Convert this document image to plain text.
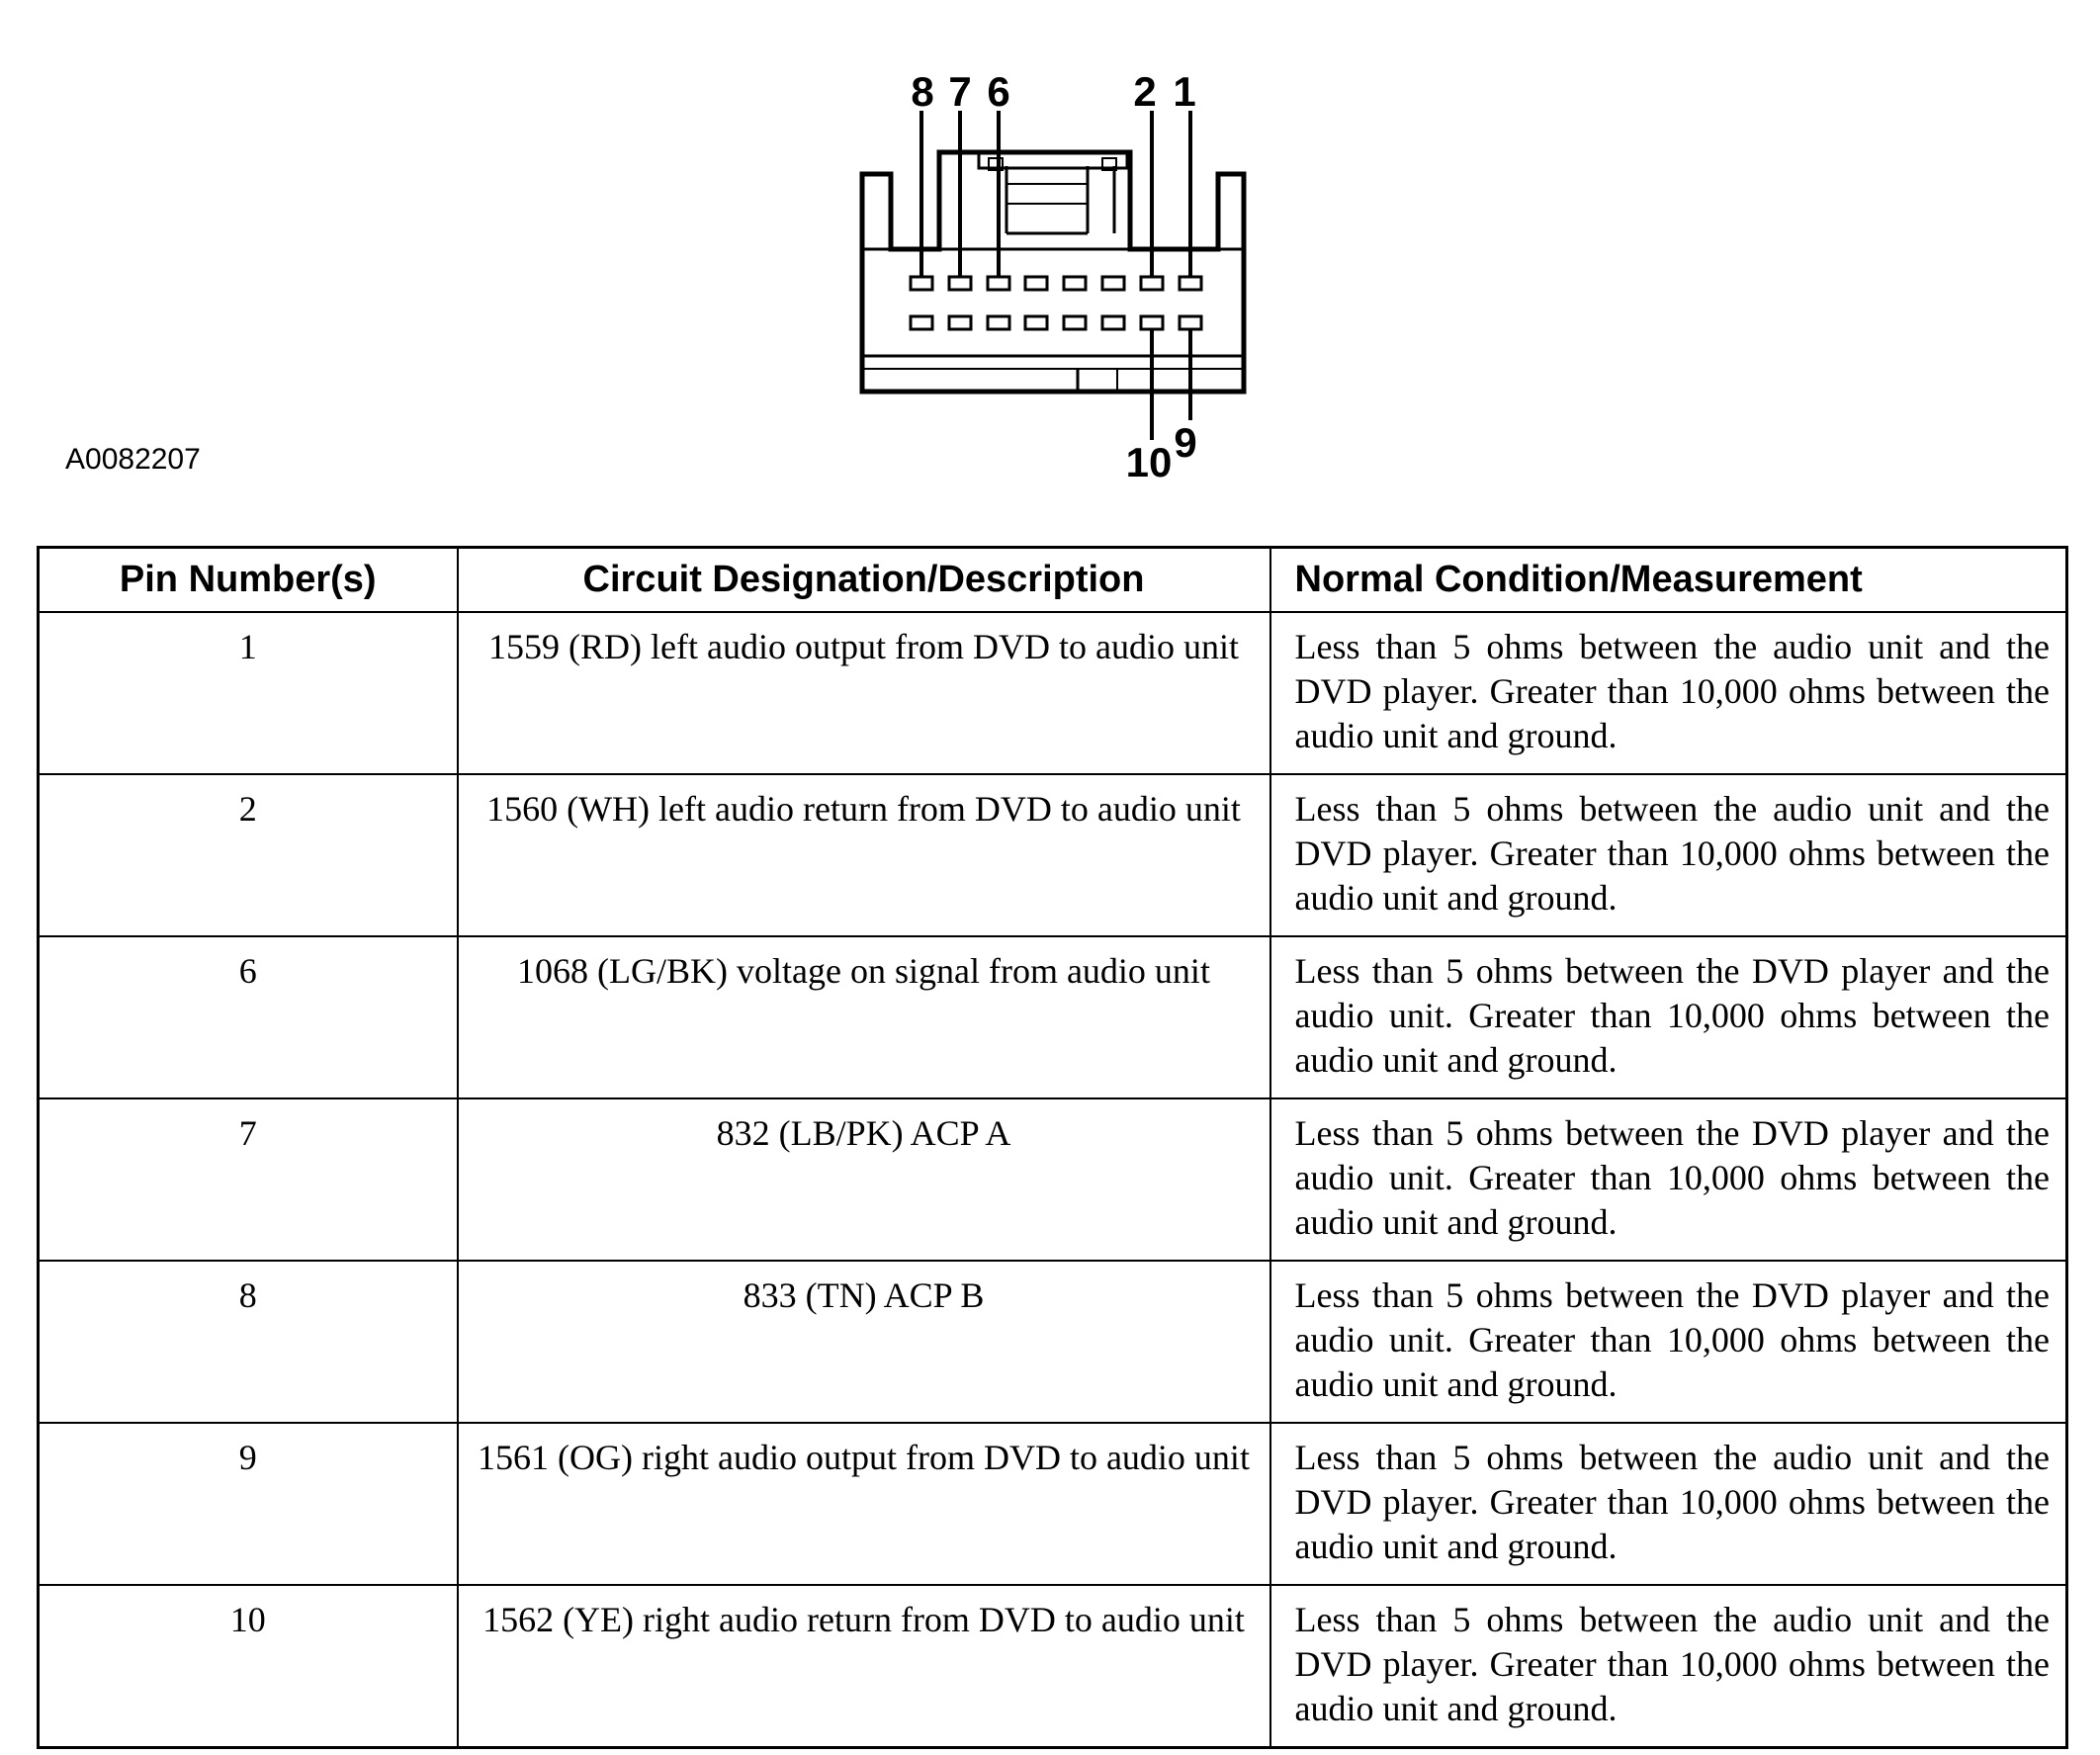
8 7 6	2 1
10 9
A0082207
Pin Number(s)	Circuit Designation/Description	Normal Condition/Measurement
1	1559 (RD) left audio output from DVD to audio unit	Less than 5 ohms between the audio unit and the DVD player. Greater than 10,000 ohms between the audio unit and ground.
2	1560 (WH) left audio return from DVD to audio unit	Less than 5 ohms between the audio unit and the DVD player. Greater than 10,000 ohms between the audio unit and ground.
6	1068 (LG/BK) voltage on signal from audio unit	Less than 5 ohms between the DVD player and the audio unit. Greater than 10,000 ohms between the audio unit and ground.
7	832 (LB/PK) ACP A	Less than 5 ohms between the DVD player and the audio unit. Greater than 10,000 ohms between the audio unit and ground.
8	833 (TN) ACP B	Less than 5 ohms between the DVD player and the audio unit. Greater than 10,000 ohms between the audio unit and ground.
9	1561 (OG) right audio output from DVD to audio unit	Less than 5 ohms between the audio unit and the DVD player. Greater than 10,000 ohms between the audio unit and ground.
10	1562 (YE) right audio return from DVD to audio unit	Less than 5 ohms between the audio unit and the DVD player. Greater than 10,000 ohms between the audio unit and ground.
